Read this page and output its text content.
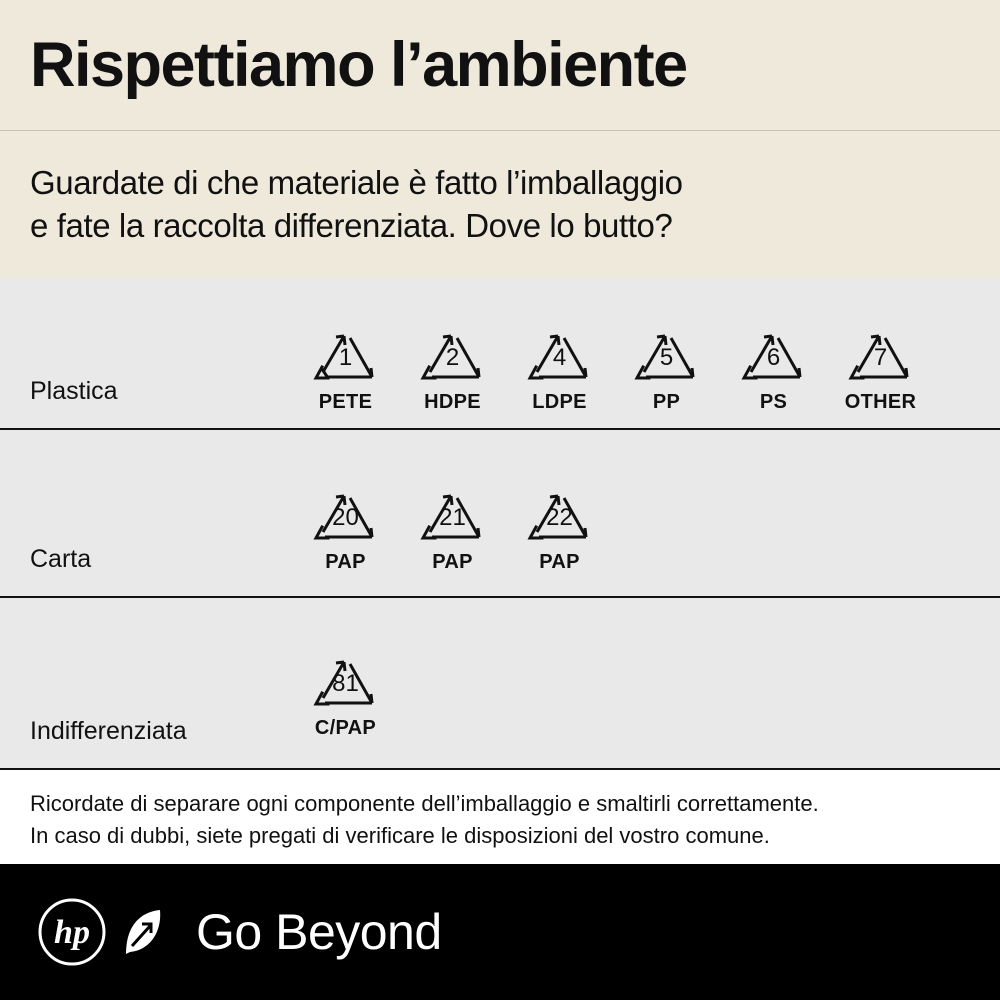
Rispettiamo l’ambiente

Guardate di che materiale è fatto l’imballaggio

e fate la raccolta differenziata. Dove lo butto?

Plastica
1
PETE
2
HDPE
4
LDPE
5
PP
6
PS
7
OTHER
Carta
20
PAP
21
PAP
22
PAP
Indifferenziata
81
C/PAP

Ricordate di separare ogni componente dell’imballaggio e smaltirli correttamente.

In caso di dubbi, siete pregati di verificare le disposizioni del vostro comune.

hp Go Beyond
